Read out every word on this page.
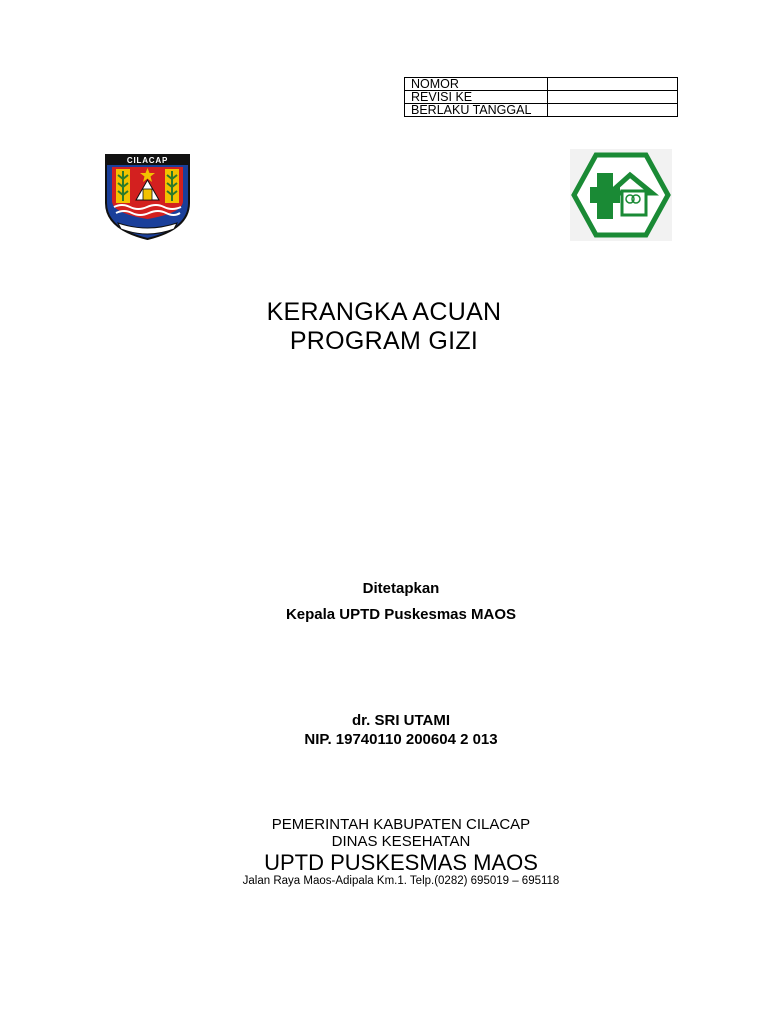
NOMOR	
REVISI KE	
BERLAKU TANGGAL	
CILACAP
KERANGKA ACUAN
PROGRAM GIZI
Ditetapkan
Kepala UPTD Puskesmas MAOS
dr. SRI UTAMI
NIP. 19740110 200604 2 013
PEMERINTAH KABUPATEN CILACAP
DINAS KESEHATAN
UPTD PUSKESMAS MAOS
Jalan Raya Maos-Adipala Km.1. Telp.(0282) 695019 – 695118
